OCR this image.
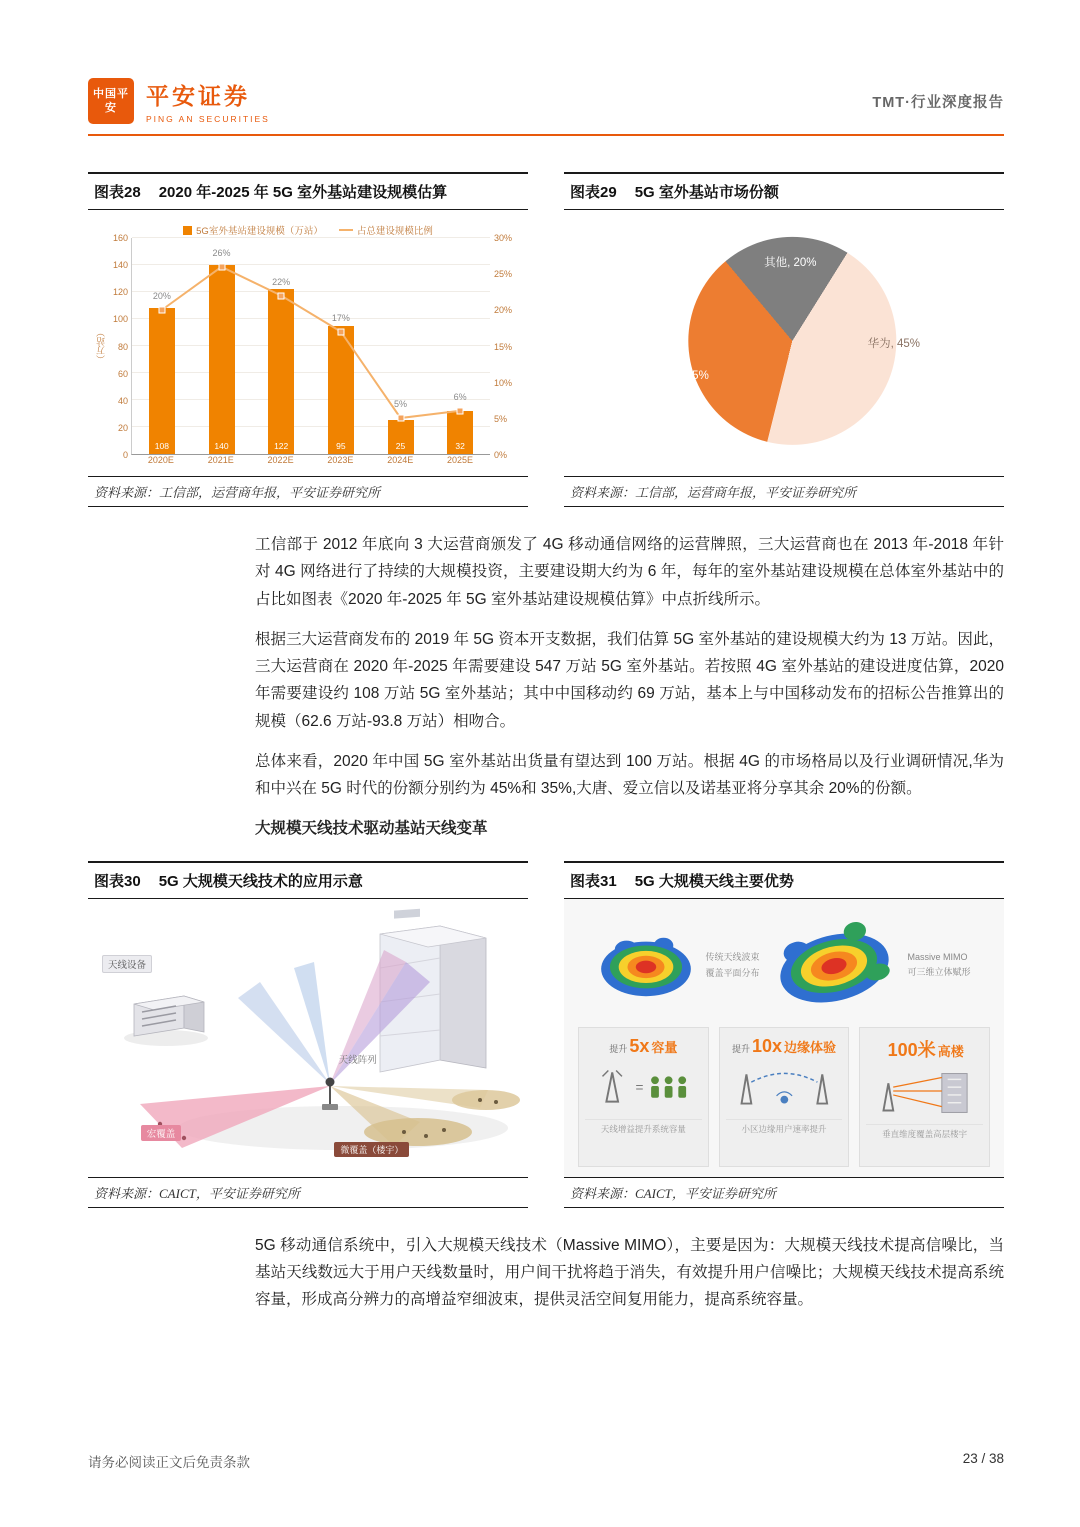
中国平安	平安证券
PING AN SECURITIES
TMT·行业深度报告
图表28 2020 年-2025 年 5G 室外基站建设规模估算
5G室外基站建设规模（万站）	占总建设规模比例
（万站）
0
20
40
60
80
100
120
140
160
108	140	122	95	25	32
20%
26%
22%
17%
5%
6%
0%
5%
10%
15%
20%
25%
30%
2020E	2021E	2022E	2023E	2024E	2025E
资料来源：工信部，运营商年报，平安证券研究所
图表29 5G 室外基站市场份额
其他, 20%
华为, 45%
中兴, 35%
资料来源：工信部，运营商年报，平安证券研究所

工信部于 2012 年底向 3 大运营商颁发了 4G 移动通信网络的运营牌照，三大运营商也在 2013 年-2018 年针对 4G 网络进行了持续的大规模投资，主要建设期大约为 6 年，每年的室外基站建设规模在总体室外基站中的占比如图表《2020 年-2025 年 5G 室外基站建设规模估算》中点折线所示。

根据三大运营商发布的 2019 年 5G 资本开支数据，我们估算 5G 室外基站的建设规模大约为 13 万站。因此，三大运营商在 2020 年-2025 年需要建设 547 万站 5G 室外基站。若按照 4G 室外基站的建设进度估算，2020 年需要建设约 108 万站 5G 室外基站；其中中国移动约 69 万站，基本上与中国移动发布的招标公告推算出的规模（62.6 万站-93.8 万站）相吻合。

总体来看，2020 年中国 5G 室外基站出货量有望达到 100 万站。根据 4G 的市场格局以及行业调研情况,华为和中兴在 5G 时代的份额分别约为 45%和 35%,大唐、爱立信以及诺基亚将分享其余 20%的份额。

大规模天线技术驱动基站天线变革

图表30 5G 大规模天线技术的应用示意
天线设备
天线阵列
宏覆盖
微覆盖（楼宇）
资料来源：CAICT，平安证券研究所
图表31 5G 大规模天线主要优势
传统天线波束
覆盖平面分布
Massive MIMO
可三维立体赋形
提升 5x 容量
=
天线增益提升系统容量
提升 10x 边缘体验
小区边缘用户速率提升
100米 高楼
垂直维度覆盖高层楼宇
资料来源：CAICT，平安证券研究所

5G 移动通信系统中，引入大规模天线技术（Massive MIMO），主要是因为：大规模天线技术提高信噪比，当基站天线数远大于用户天线数量时，用户间干扰将趋于消失，有效提升用户信噪比；大规模天线技术提高系统容量，形成高分辨力的高增益窄细波束，提供灵活空间复用能力，提高系统容量。

请务必阅读正文后免责条款	23 / 38
